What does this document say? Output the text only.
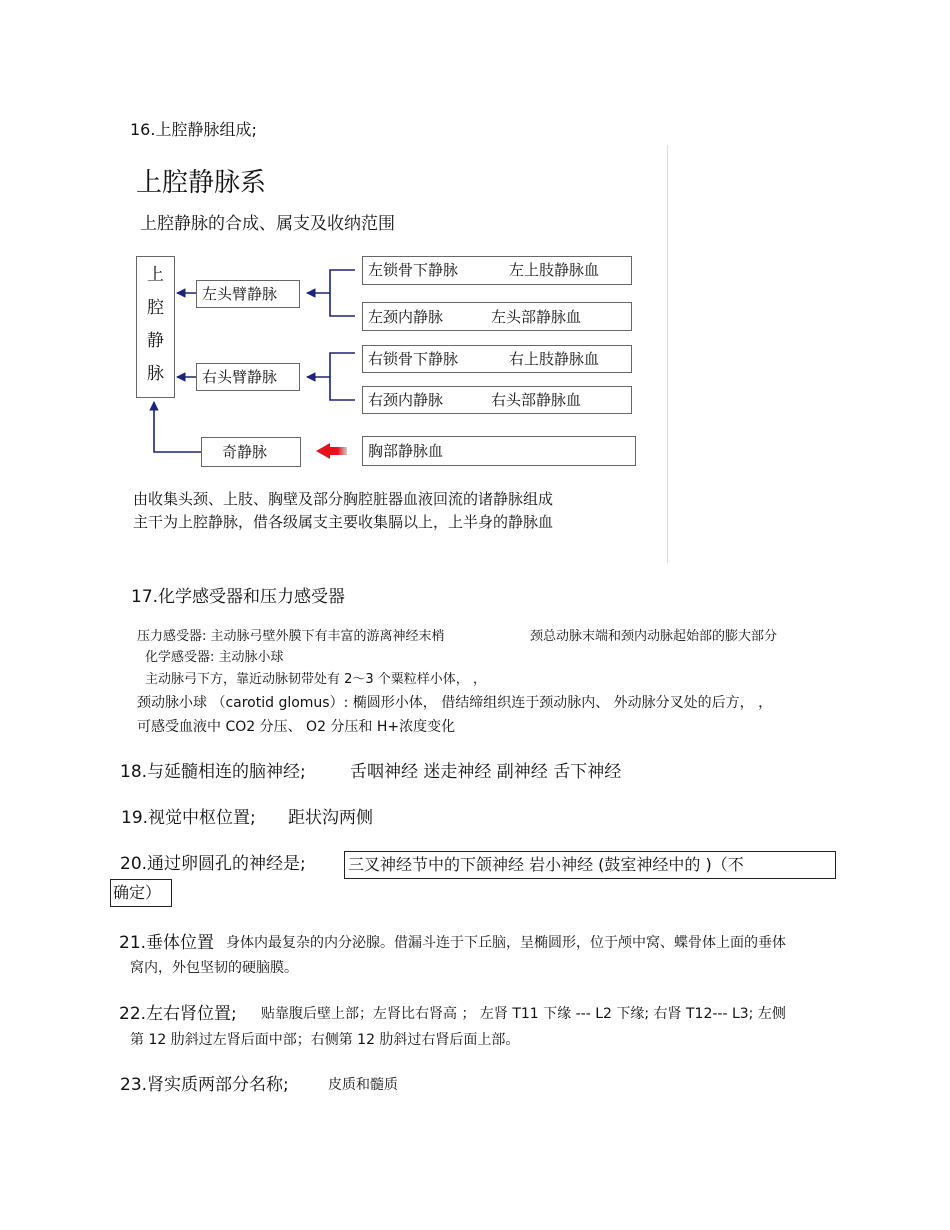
16.上腔静脉组成;
上腔静脉系
上腔静脉的合成、属支及收纳范围
上
腔
静
脉
左头臂静脉
右头臂静脉
奇静脉
左锁骨下静脉	左上肢静脉血
左颈内静脉	左头部静脉血
右锁骨下静脉	右上肢静脉血
右颈内静脉	右头部静脉血
胸部静脉血
由收集头颈、上肢、胸壁及部分胸腔脏器血液回流的诸静脉组成
主干为上腔静脉，借各级属支主要收集膈以上，上半身的静脉血
17.化学感受器和压力感受器
压力感受器: 主动脉弓壁外膜下有丰富的游离神经末梢	颈总动脉末端和颈内动脉起始部的膨大部分
化学感受器: 主动脉小球
主动脉弓下方，靠近动脉韧带处有 2～3 个粟粒样小体， ，
颈动脉小球 （carotid glomus）: 椭圆形小体， 借结缔组织连于颈动脉内、 外动脉分叉处的后方， ，
可感受血液中 CO2 分压、 O2 分压和 H+浓度变化
18.与延髓相连的脑神经;	舌咽神经 迷走神经 副神经 舌下神经
19.视觉中枢位置; 距状沟两侧
20.通过卵圆孔的神经是;	三叉神经节中的下颌神经 岩小神经 (鼓室神经中的 )（不
确定）
21.垂体位置 身体内最复杂的内分泌腺。借漏斗连于下丘脑，呈椭圆形，位于颅中窝、蝶骨体上面的垂体
窝内，外包坚韧的硬脑膜。
22.左右肾位置; 贴靠腹后壁上部；左肾比右肾高 ； 左肾 T11 下缘 --- L2 下缘; 右肾 T12--- L3; 左侧
第 12 肋斜过左肾后面中部；右侧第 12 肋斜过右肾后面上部。
23.肾实质两部分名称;	皮质和髓质
